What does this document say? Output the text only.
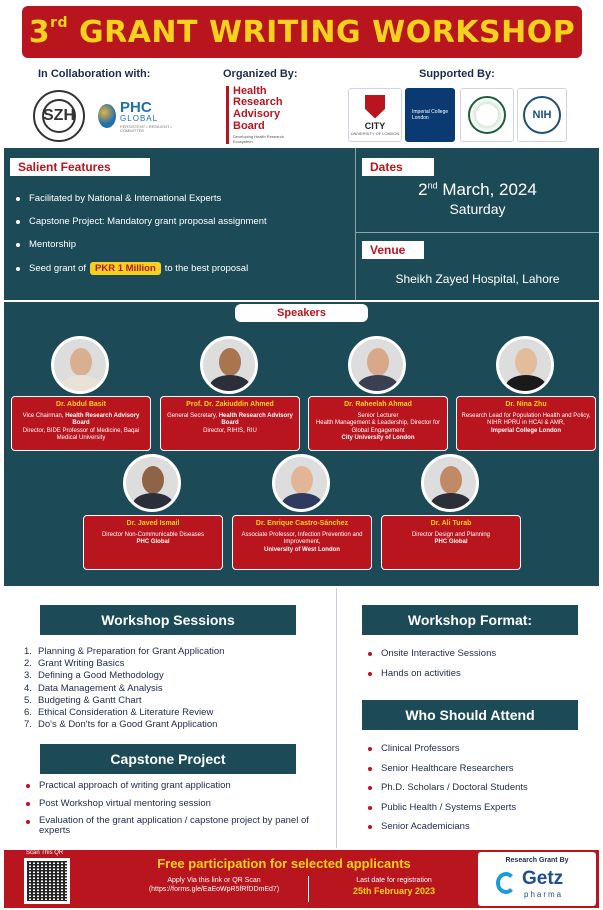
3rd GRANT WRITING WORKSHOP
In Collaboration with:	Organized By:	Supported By:
SZH	PHC
GLOBAL
PERSISTENT • RESILIENT • COMMITTED
Health
Research
Advisory
Board
Developing Health Research Ecosystem
CITY
UNIVERSITY OF LONDON
Imperial College
London	NIH
Salient Features
Facilitated by National & International Experts
Capstone Project: Mandatory grant proposal assignment
Mentorship
Seed grant of PKR 1 Million to the best proposal
Dates
2nd March, 2024
Saturday
Venue
Sheikh Zayed Hospital, Lahore
Speakers
Dr. Abdul Basit
Vice Chairman, Health Research Advisory Board
Director, BIDE Professor of Medicine, Baqai Medical University
Prof. Dr. Zakiuddin Ahmed
General Secretary, Health Research Advisory Board
Director, RIHIS, RIU
Dr. Raheelah Ahmad
Senior Lecturer
Health Management & Leadership, Director for Global Engagement
City University of London
Dr. Nina Zhu
Research Lead for Population Health and Policy, NIHR HPRU in HCAI & AMR,
Imperial College London
Dr. Javed Ismail
Director Non-Communicable Diseases
PHC Global
Dr. Enrique Castro-Sánchez
Associate Professor, Infection Prevention and Improvement,
University of West London
Dr. Ali Turab
Director Design and Planning
PHC Global
Workshop Sessions
1. Planning & Preparation for Grant Application
2. Grant Writing Basics
3. Defining a Good Methodology
4. Data Management & Analysis
5. Budgeting & Gantt Chart
6. Ethical Consideration & Literature Review
7. Do's & Don'ts for a Good Grant Application
Capstone Project
Practical approach of writing grant application
Post Workshop virtual mentoring session
Evaluation of the grant application / capstone project by panel of experts
Workshop Format:
Onsite Interactive Sessions
Hands on activities
Who Should Attend
Clinical Professors
Senior Healthcare Researchers
Ph.D. Scholars / Doctoral Students
Public Health / Systems Experts
Senior Academicians
Scan This QR
Free participation for selected applicants
Apply Via this link or QR Scan
(https://forms.gle/EaEoWpR5fRfDDmEd7)
Last date for registration
25th February 2023
Research Grant By
Getz
pharma
